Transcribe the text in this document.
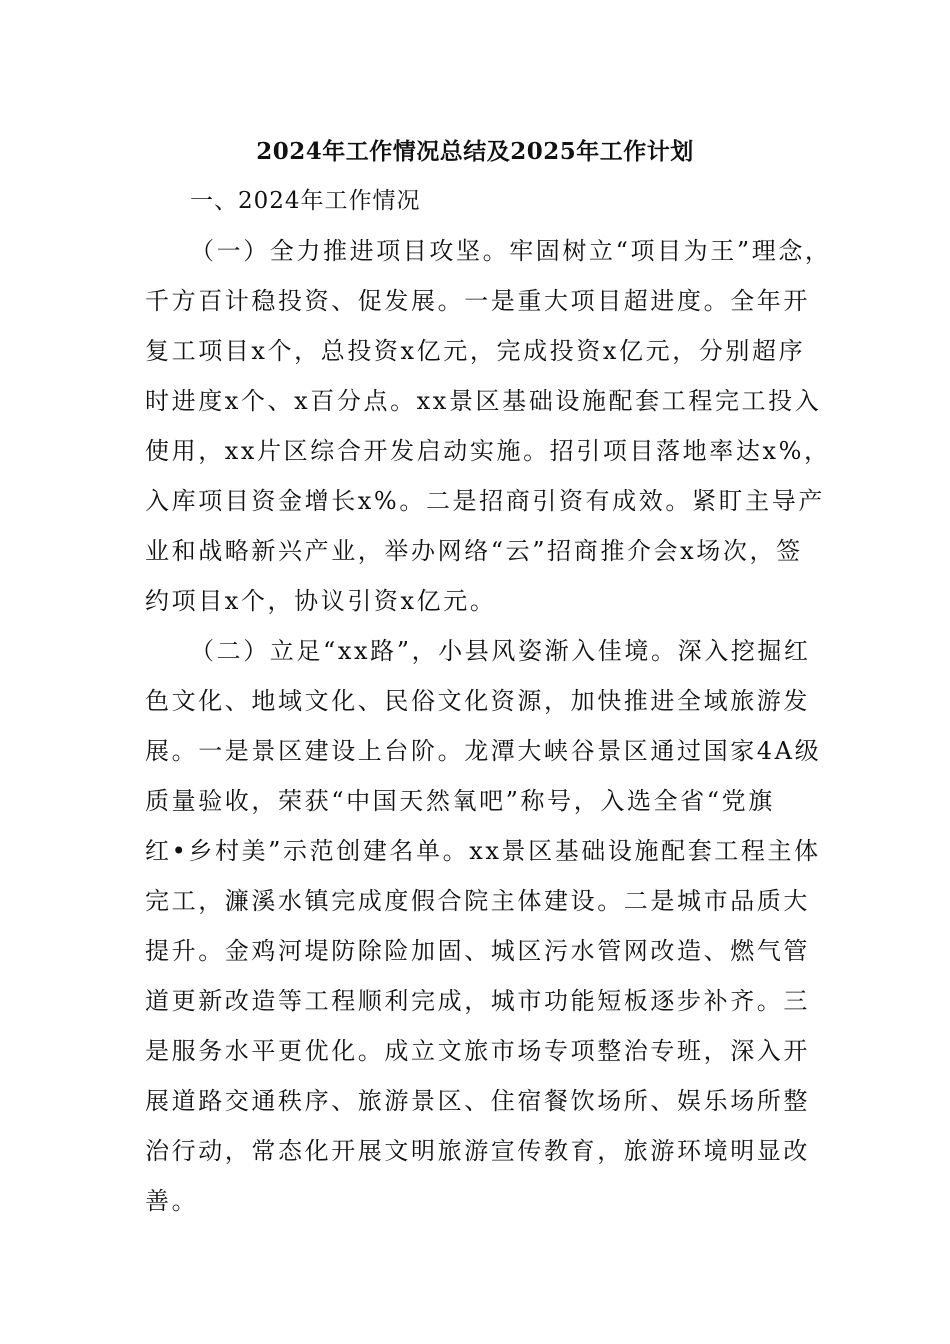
2024年工作情况总结及2025年工作计划
一、2024年工作情况
（一）全力推进项目攻坚。牢固树立“项目为王”理念，
千方百计稳投资、促发展。一是重大项目超进度。全年开
复工项目x个，总投资x亿元，完成投资x亿元，分别超序
时进度x个、x百分点。xx景区基础设施配套工程完工投入
使用，xx片区综合开发启动实施。招引项目落地率达x%，
入库项目资金增长x%。二是招商引资有成效。紧盯主导产
业和战略新兴产业，举办网络“云”招商推介会x场次，签
约项目x个，协议引资x亿元。
（二）立足“xx路”，小县风姿渐入佳境。深入挖掘红
色文化、地域文化、民俗文化资源，加快推进全域旅游发
展。一是景区建设上台阶。龙潭大峡谷景区通过国家4A级
质量验收，荣获“中国天然氧吧”称号，入选全省“党旗
红•乡村美”示范创建名单。xx景区基础设施配套工程主体
完工，濂溪水镇完成度假合院主体建设。二是城市品质大
提升。金鸡河堤防除险加固、城区污水管网改造、燃气管
道更新改造等工程顺利完成，城市功能短板逐步补齐。三
是服务水平更优化。成立文旅市场专项整治专班，深入开
展道路交通秩序、旅游景区、住宿餐饮场所、娱乐场所整
治行动，常态化开展文明旅游宣传教育，旅游环境明显改
善。
